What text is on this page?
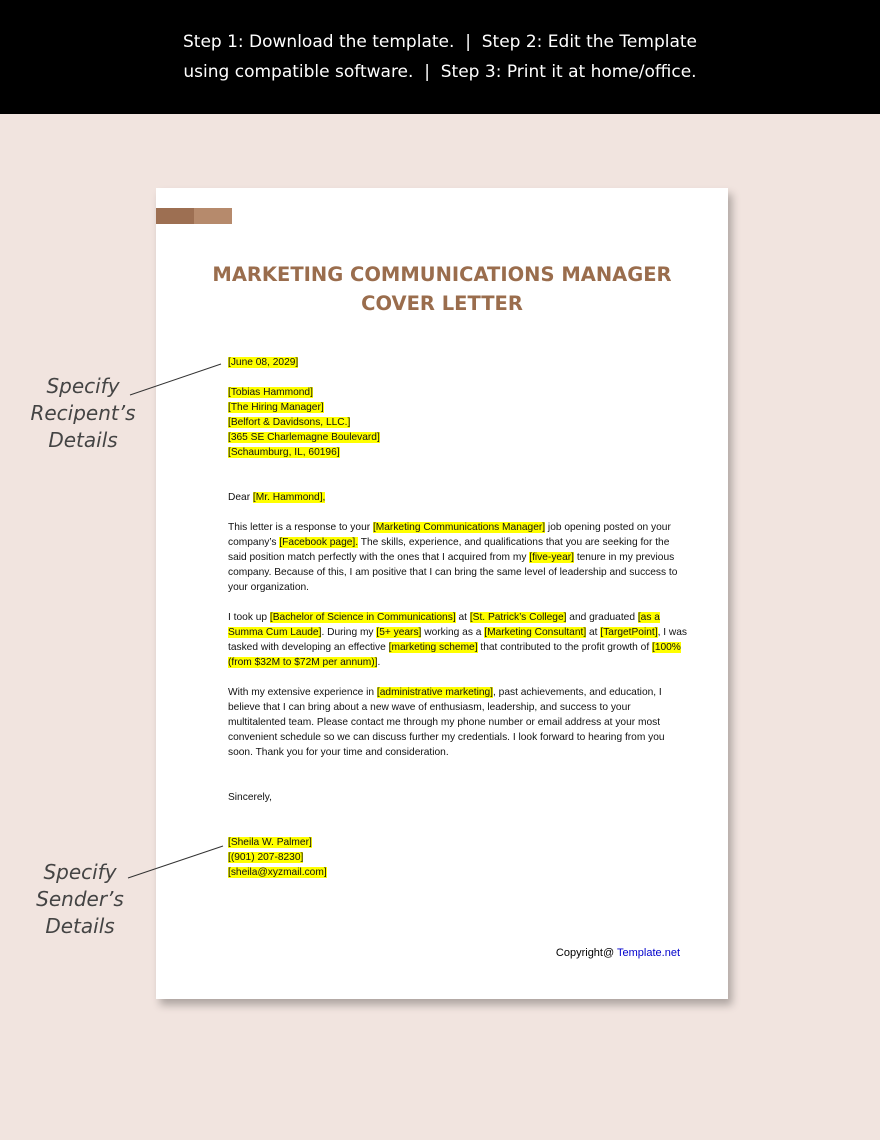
Step 1: Download the template.  |  Step 2: Edit the Template
using compatible software.  |  Step 3: Print it at home/office.
MARKETING COMMUNICATIONS MANAGER
COVER LETTER
[June 08, 2029]
[Tobias Hammond]
[The Hiring Manager]
[Belfort & Davidsons, LLC.]
[365 SE Charlemagne Boulevard]
[Schaumburg, IL, 60196]
Dear [Mr. Hammond],

This letter is a response to your [Marketing Communications Manager] job opening posted on your company’s [Facebook page]. The skills, experience, and qualifications that you are seeking for the said position match perfectly with the ones that I acquired from my [five-year] tenure in my previous company. Because of this, I am positive that I can bring the same level of leadership and success to your organization.

I took up [Bachelor of Science in Communications] at [St. Patrick’s College] and graduated [as a Summa Cum Laude]. During my [5+ years] working as a [Marketing Consultant] at [TargetPoint], I was tasked with developing an effective [marketing scheme] that contributed to the profit growth of [100% (from $32M to $72M per annum)].

With my extensive experience in [administrative marketing], past achievements, and education, I believe that I can bring about a new wave of enthusiasm, leadership, and success to your multitalented team. Please contact me through my phone number or email address at your most convenient schedule so we can discuss further my credentials. I look forward to hearing from you soon. Thank you for your time and consideration.

Sincerely,
[Sheila W. Palmer]
[(901) 207-8230]
[sheila@xyzmail.com]
Copyright@ Template.net
Specify
Recipent’s
Details
Specify
Sender’s
Details
